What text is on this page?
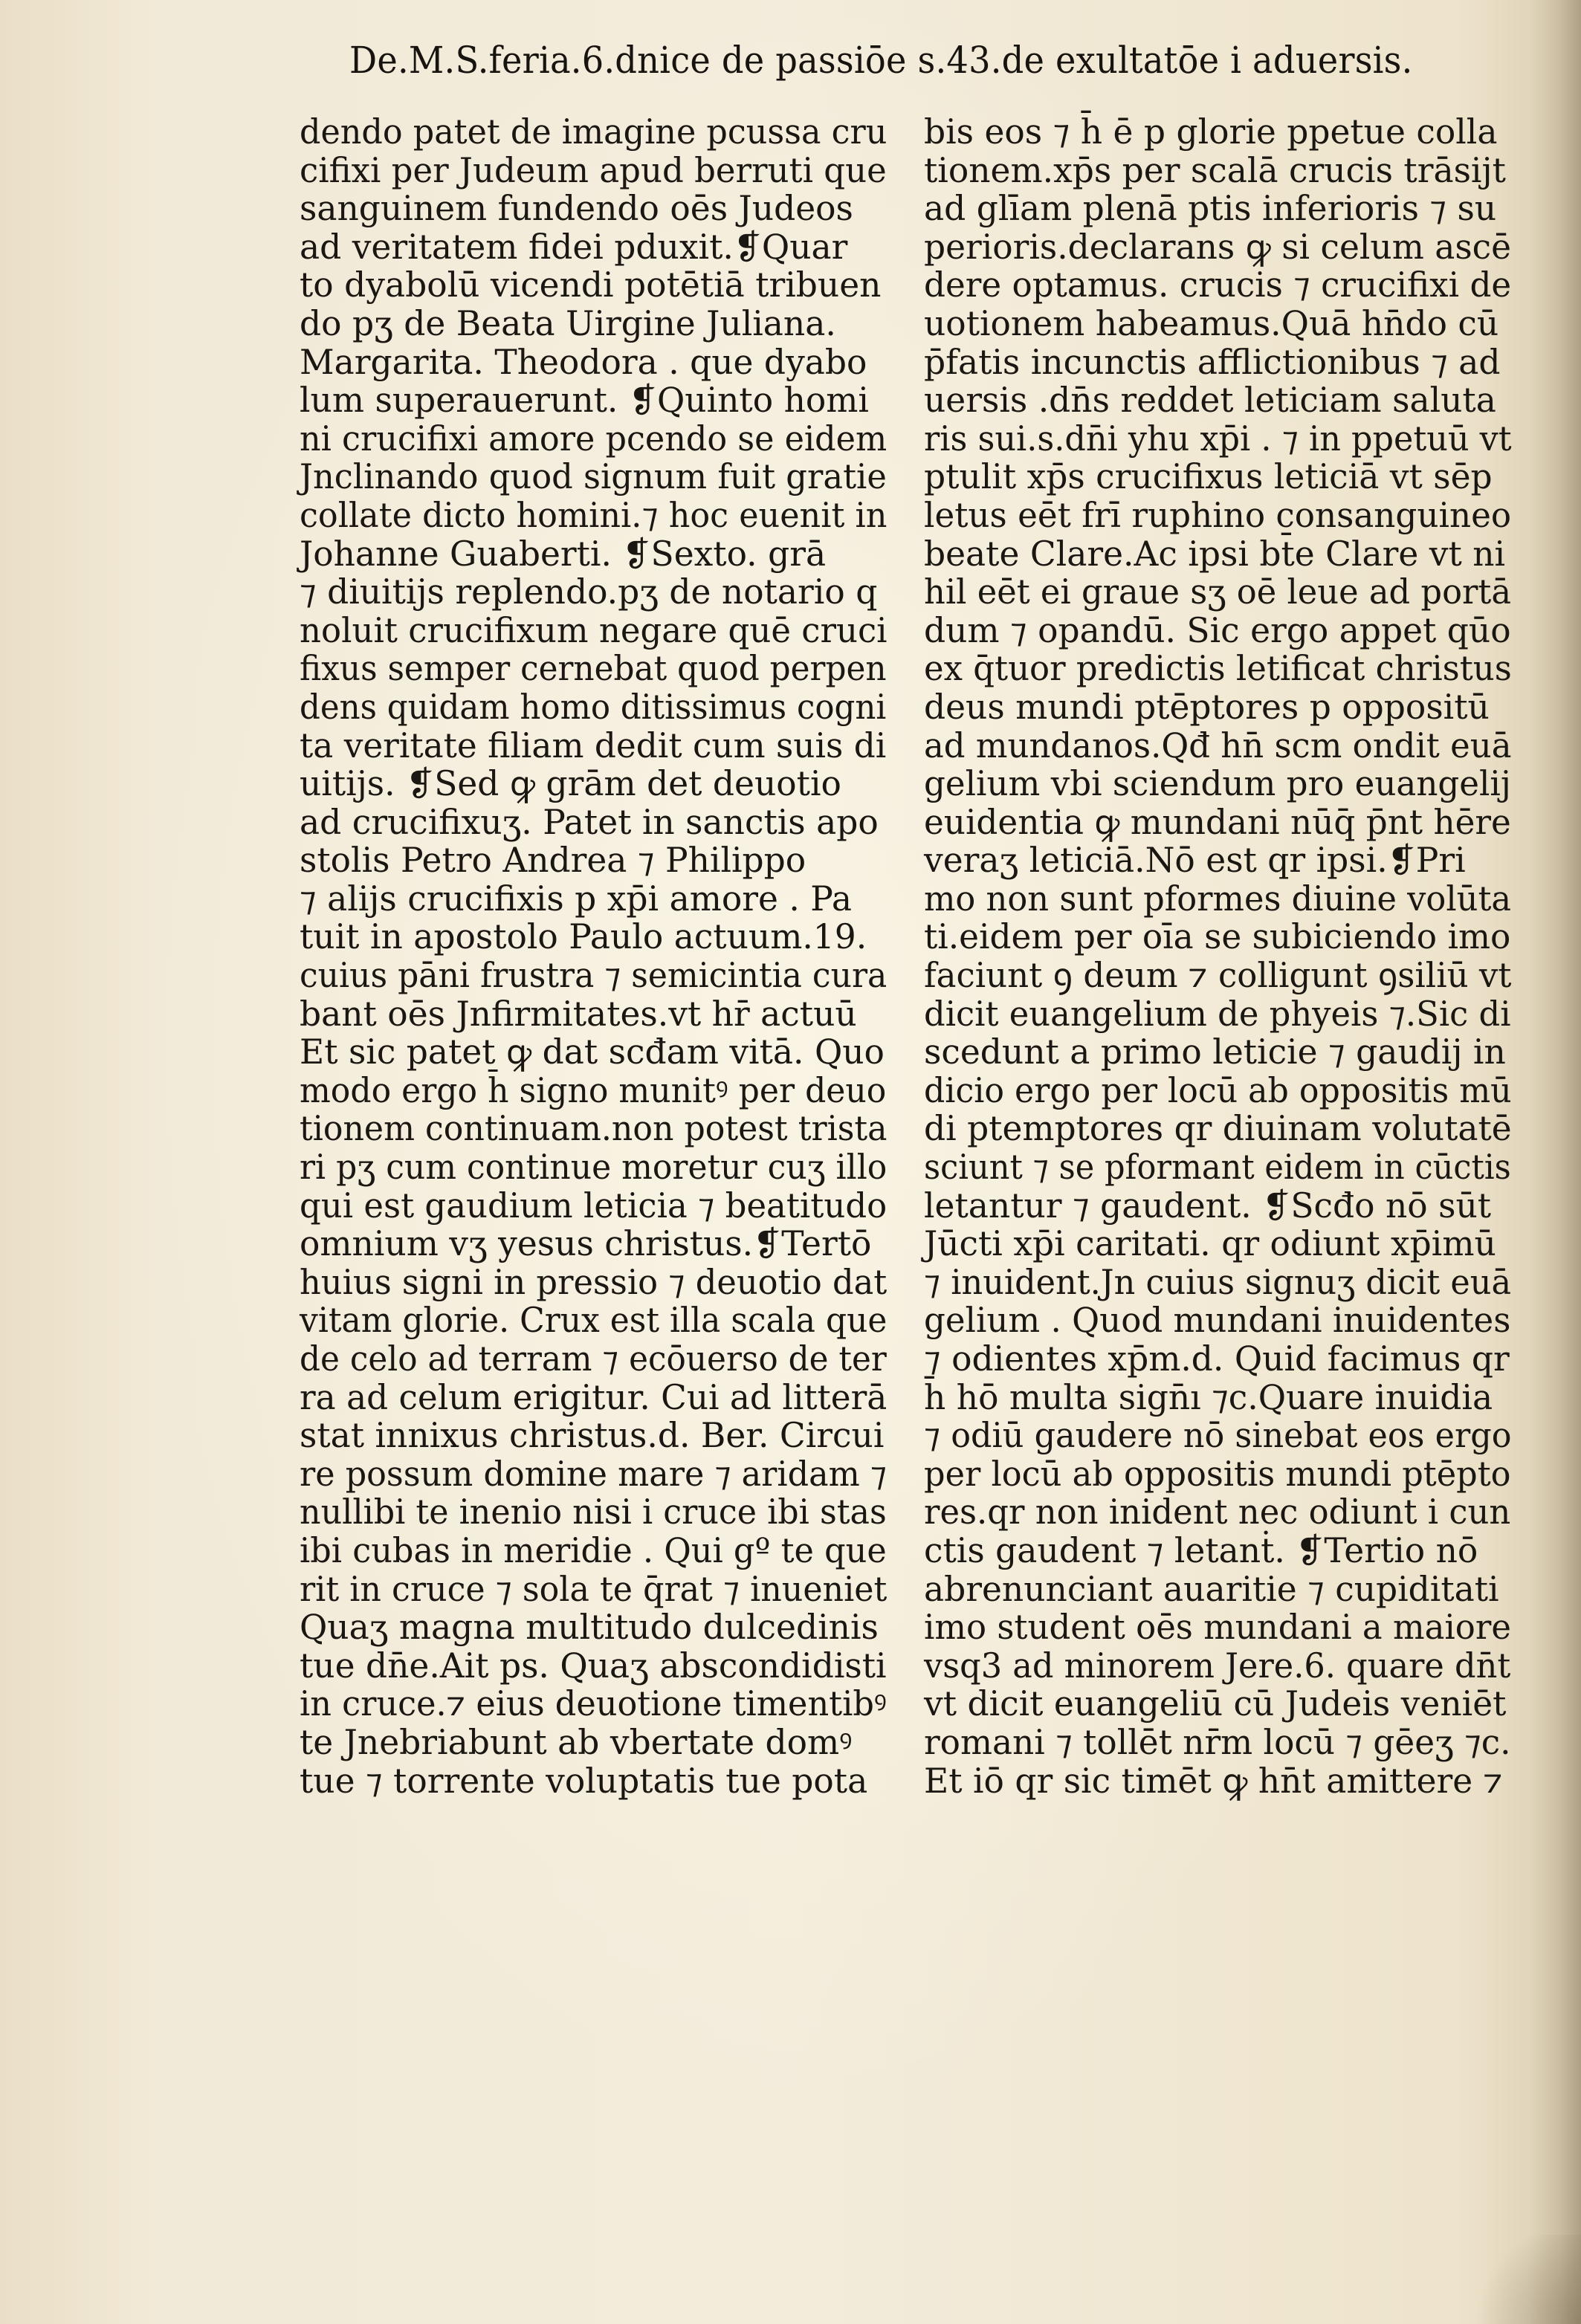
De.M.S.feria.6.dnice de passiōe s.43.de exultatōe i aduersis.
dendo patet de imagine pcussa cru
cifixi per Judeum apud berruti que
sanguinem fundendo oēs Judeos
ad veritatem fidei pduxit.❡Quar
to dyabolū vicendi potētiā tribuen
do pʒ de Beata Uirgine Juliana.
Margarita. Theodora . que dyabo
lum superauerunt. ❡Quinto homi
ni crucifixi amore pcendo se eidem
Jnclinando quod signum fuit gratie
collate dicto homini.⁊ hoc euenit in
Johanne Guaberti. ❡Sexto. grā
⁊ diuitijs replendo.pʒ de notario q
noluit crucifixum negare quē cruci
fixus semper cernebat quod perpen
dens quidam homo ditissimus cogni
ta veritate filiam dedit cum suis di
uitijs. ❡Sed ꝙ grām det deuotio
ad crucifixuʒ. Patet in sanctis apo
stolis Petro Andrea ⁊ Philippo
⁊ alijs crucifixis p xp̄i amore . Pa
tuit in apostolo Paulo actuum.19.
cuius pāni frustra ⁊ semicintia cura
bant oēs Jnfirmitates.vt hr̄ actuū
Et sic patet ꝙ dat scđam vitā. Quo
modo ergo h̄ signo munitꝰ per deuo
tionem continuam.non potest trista
ri pʒ cum continue moretur cuʒ illo
qui est gaudium leticia ⁊ beatitudo
omnium vʒ yesus christus.❡Tertō
huius signi in pressio ⁊ deuotio dat
vitam glorie. Crux est illa scala que
de celo ad terram ⁊ ecōuerso de ter
ra ad celum erigitur. Cui ad litterā
stat innixus christus.d. Ber. Circui
re possum domine mare ⁊ aridam ⁊
nullibi te inenio nisi i cruce ibi stas
ibi cubas in meridie . Qui gº te que
rit in cruce ⁊ sola te q̄rat ⁊ inueniet
Quaʒ magna multitudo dulcedinis
tue dn̄e.Ait ps. Quaʒ abscondidisti
in cruce.⁊ eius deuotione timentibꝰ
te Jnebriabunt ab vbertate domꝰ
tue ⁊ torrente voluptatis tue pota
bis eos ⁊ h̄ ē p glorie ppetue colla
tionem.xp̄s per scalā crucis trāsijt
ad glīam plenā ptis inferioris ⁊ su
perioris.declarans ꝙ si celum ascē
dere optamus. crucis ⁊ crucifixi de
uotionem habeamus.Quā hn̄do cū
p̄fatis incunctis afflictionibus ⁊ ad
uersis .dn̄s reddet leticiam saluta
ris sui.s.dn̄i yhu xp̄i . ⁊ in ppetuū vt
ptulit xp̄s crucifixus leticiā vt sēp
letus eēt frī ruphino consanguineo
beate Clare.Ac ipsi bt̄e Clare vt ni
hil eēt ei graue sʒ oē leue ad portā
dum ⁊ opandū. Sic ergo appet qūo
ex q̄tuor predictis letificat christus
deus mundi ptēptores p oppositū
ad mundanos.Qđ hn̄ scm ondit euā
gelium vbi sciendum pro euangelij
euidentia ꝙ mundani nūq̄ p̄nt hēre
veraʒ leticiā.Nō est qr ipsi.❡Pri
mo non sunt pformes diuine volūta
ti.eidem per oīa se subiciendo imo
faciunt ꝯ deum ⁊ colligunt ꝯsiliū vt
dicit euangelium de phyeis ⁊.Sic di
scedunt a primo leticie ⁊ gaudij in
dicio ergo per locū ab oppositis mū
di ptemptores qr diuinam volutatē
sciunt ⁊ se pformant eidem in cūctis
letantur ⁊ gaudent. ❡Scđo nō sūt
Jūcti xp̄i caritati. qr odiunt xp̄imū
⁊ inuident.Jn cuius signuʒ dicit euā
gelium . Quod mundani inuidentes
⁊ odientes xp̄m.d. Quid facimus qr
h̄ hō multa sign̄ı ⁊c.Quare inuidia
⁊ odiū gaudere nō sinebat eos ergo
per locū ab oppositis mundi ptēpto
res.qr non inident nec odiunt i cun
ctis gaudent ⁊ letanṫ. ❡Tertio nō
abrenunciant auaritie ⁊ cupiditati
imo student oēs mundani a maiore
vsq3 ad minorem Jere.6. quare dn̄t
vt dicit euangeliū cū Judeis veniēt
romani ⁊ tollēt nr̄m locū ⁊ gēeʒ ⁊c.
Et iō qr sic timēt ꝙ hn̄t amittere ⁊
